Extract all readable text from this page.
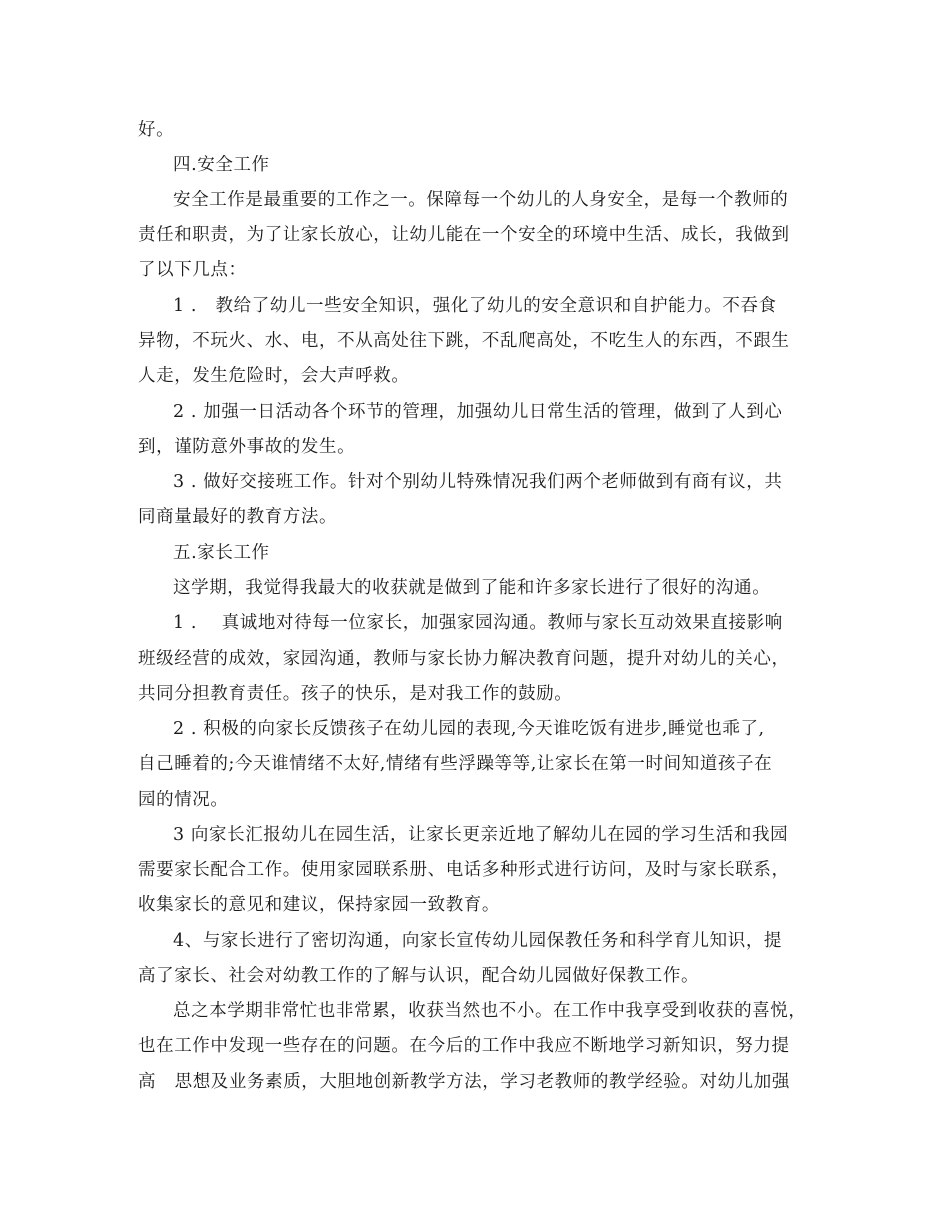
好。
四.安全工作
安全工作是最重要的工作之一。保障每一个幼儿的人身安全，是每一个教师的
责任和职责，为了让家长放心，让幼儿能在一个安全的环境中生活、成长，我做到
了以下几点：
1 .   教给了幼儿一些安全知识，强化了幼儿的安全意识和自护能力。不吞食
异物，不玩火、水、电，不从高处往下跳，不乱爬高处，不吃生人的东西，不跟生
人走，发生危险时，会大声呼救。
2 . 加强一日活动各个环节的管理，加强幼儿日常生活的管理，做到了人到心
到，谨防意外事故的发生。
3 . 做好交接班工作。针对个别幼儿特殊情况我们两个老师做到有商有议，共
同商量最好的教育方法。
五.家长工作
这学期，我觉得我最大的收获就是做到了能和许多家长进行了很好的沟通。
1 .    真诚地对待每一位家长，加强家园沟通。教师与家长互动效果直接影响
班级经营的成效，家园沟通，教师与家长协力解决教育问题，提升对幼儿的关心，
共同分担教育责任。孩子的快乐，是对我工作的鼓励。
2 . 积极的向家长反馈孩子在幼儿园的表现,今天谁吃饭有进步,睡觉也乖了,
自己睡着的;今天谁情绪不太好,情绪有些浮躁等等,让家长在第一时间知道孩子在
园的情况。
3 向家长汇报幼儿在园生活，让家长更亲近地了解幼儿在园的学习生活和我园
需要家长配合工作。使用家园联系册、电话多种形式进行访问，及时与家长联系，
收集家长的意见和建议，保持家园一致教育。
4、与家长进行了密切沟通，向家长宣传幼儿园保教任务和科学育儿知识，提
高了家长、社会对幼教工作的了解与认识，配合幼儿园做好保教工作。
总之本学期非常忙也非常累，收获当然也不小。在工作中我享受到收获的喜悦，
也在工作中发现一些存在的问题。在今后的工作中我应不断地学习新知识，努力提
高   思想及业务素质，大胆地创新教学方法，学习老教师的教学经验。对幼儿加强
